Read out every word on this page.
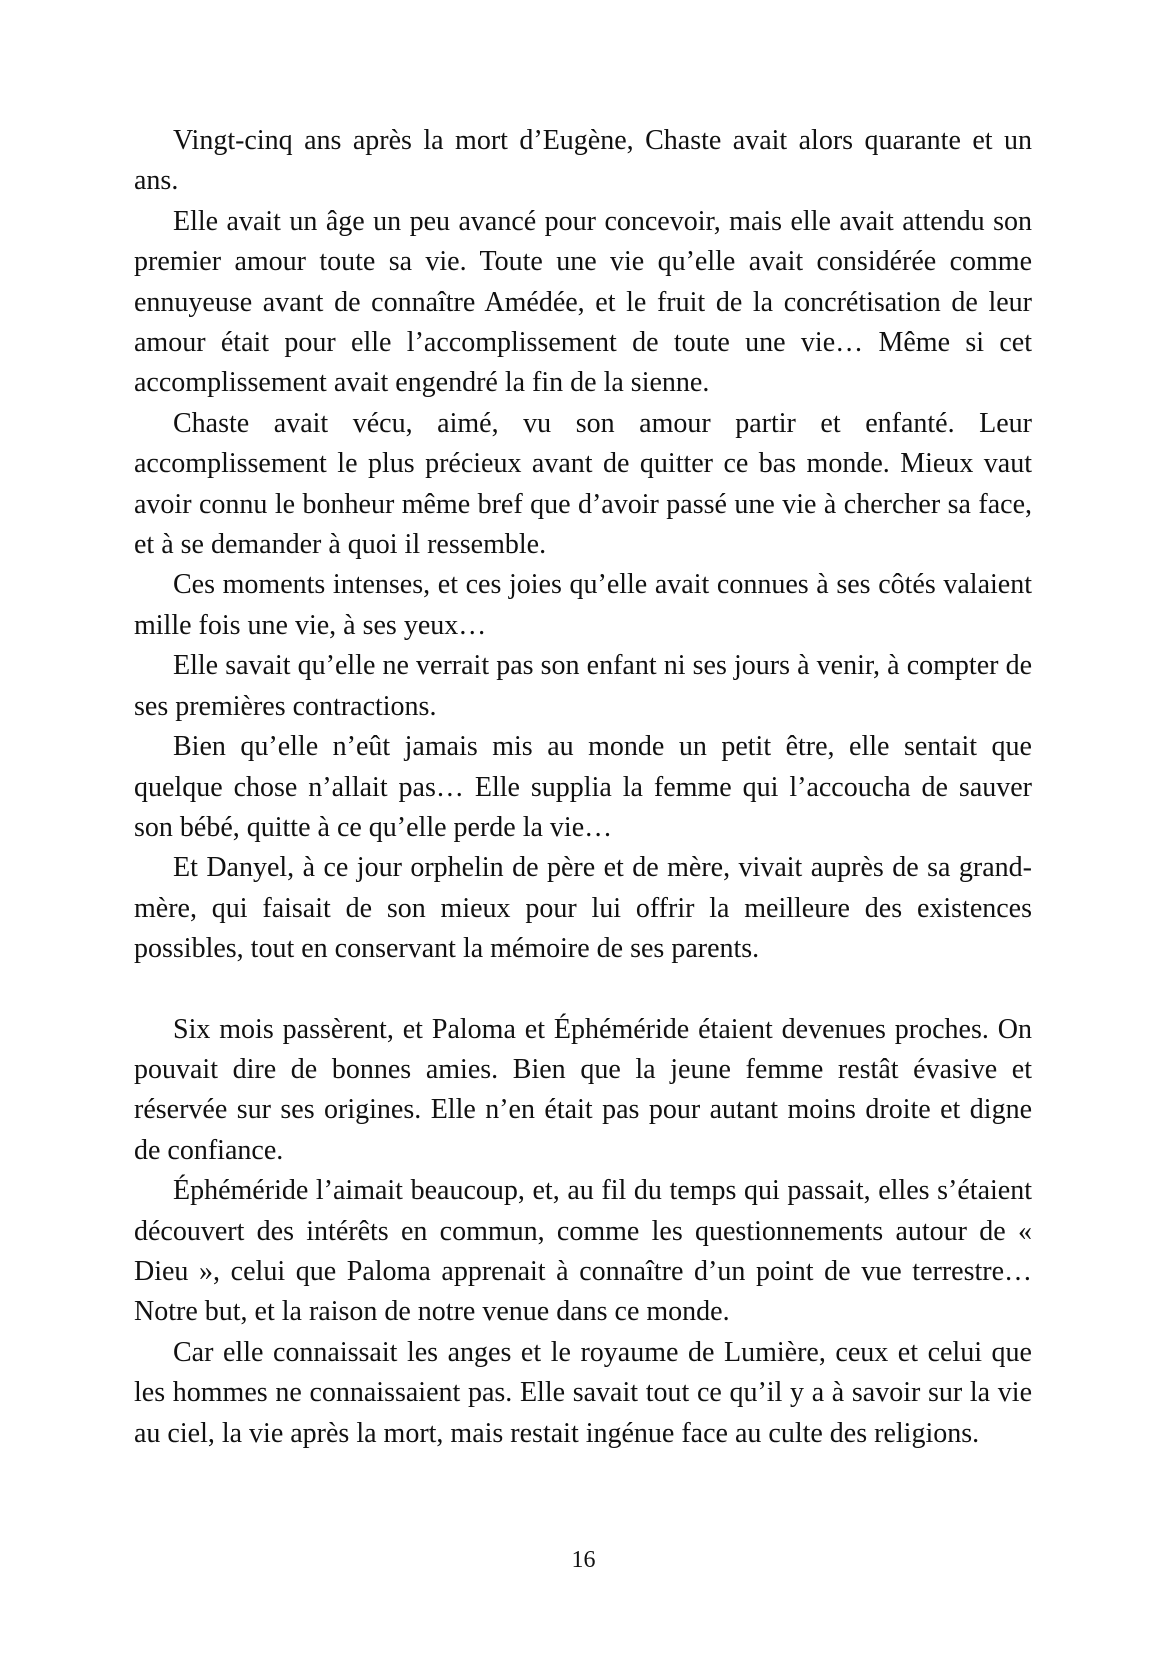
Vingt-cinq ans après la mort d’Eugène, Chaste avait alors quarante et un ans.

Elle avait un âge un peu avancé pour concevoir, mais elle avait attendu son premier amour toute sa vie. Toute une vie qu’elle avait considérée comme ennuyeuse avant de connaître Amédée, et le fruit de la concrétisation de leur amour était pour elle l’accomplissement de toute une vie… Même si cet accomplissement avait engendré la fin de la sienne.

Chaste avait vécu, aimé, vu son amour partir et enfanté. Leur accomplissement le plus précieux avant de quitter ce bas monde. Mieux vaut avoir connu le bonheur même bref que d’avoir passé une vie à chercher sa face, et à se demander à quoi il ressemble.

Ces moments intenses, et ces joies qu’elle avait connues à ses côtés valaient mille fois une vie, à ses yeux…

Elle savait qu’elle ne verrait pas son enfant ni ses jours à venir, à compter de ses premières contractions.

Bien qu’elle n’eût jamais mis au monde un petit être, elle sentait que quelque chose n’allait pas… Elle supplia la femme qui l’accoucha de sauver son bébé, quitte à ce qu’elle perde la vie…

Et Danyel, à ce jour orphelin de père et de mère, vivait auprès de sa grand-mère, qui faisait de son mieux pour lui offrir la meilleure des existences possibles, tout en conservant la mémoire de ses parents.

Six mois passèrent, et Paloma et Éphéméride étaient devenues proches. On pouvait dire de bonnes amies. Bien que la jeune femme restât évasive et réservée sur ses origines. Elle n’en était pas pour autant moins droite et digne de confiance.

Éphéméride l’aimait beaucoup, et, au fil du temps qui passait, elles s’étaient découvert des intérêts en commun, comme les questionnements autour de « Dieu », celui que Paloma apprenait à connaître d’un point de vue terrestre… Notre but, et la raison de notre venue dans ce monde.

Car elle connaissait les anges et le royaume de Lumière, ceux et celui que les hommes ne connaissaient pas. Elle savait tout ce qu’il y a à savoir sur la vie au ciel, la vie après la mort, mais restait ingénue face au culte des religions.

16
